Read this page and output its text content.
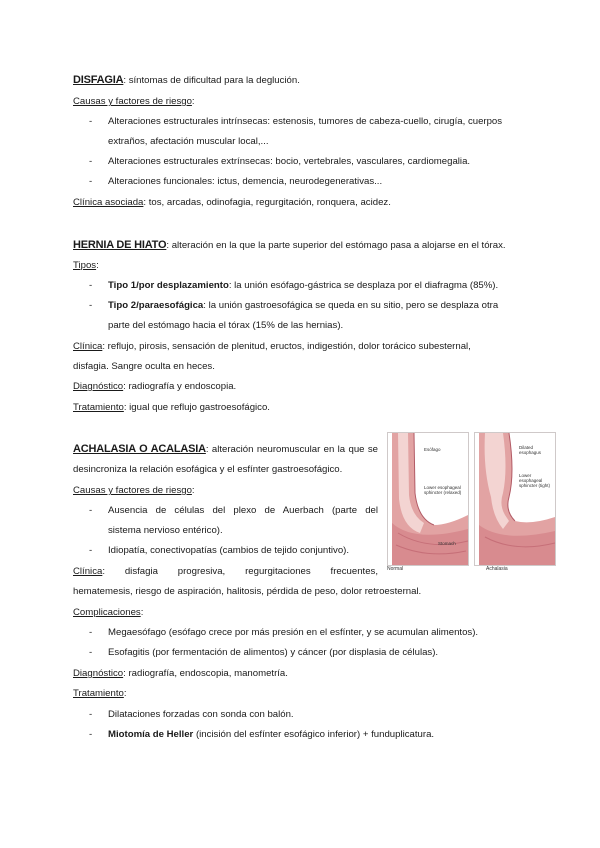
DISFAGIA: síntomas de dificultad para la deglución.
Causas y factores de riesgo:
-	Alteraciones estructurales intrínsecas: estenosis, tumores de cabeza-cuello, cirugía, cuerpos
extraños, afectación muscular local,...
-	Alteraciones estructurales extrínsecas: bocio, vertebrales, vasculares, cardiomegalia.
-	Alteraciones funcionales: ictus, demencia, neurodegenerativas...
Clínica asociada: tos, arcadas, odinofagia, regurgitación, ronquera, acidez.
HERNIA DE HIATO: alteración en la que la parte superior del estómago pasa a alojarse en el tórax.
Tipos:
-	Tipo 1/por desplazamiento: la unión esófago-gástrica se desplaza por el diafragma (85%).
-	Tipo 2/paraesofágica: la unión gastroesofágica se queda en su sitio, pero se desplaza otra
parte del estómago hacia el tórax (15% de las hernias).
Clínica: reflujo, pirosis, sensación de plenitud, eructos, indigestión, dolor torácico subesternal,
disfagia. Sangre oculta en heces.
Diagnóstico: radiografía y endoscopia.
Tratamiento: igual que reflujo gastroesofágico.
ACHALASIA O ACALASIA: alteración neuromuscular en la que se
desincroniza la relación esofágica y el esfínter gastroesofágico.
Causas y factores de riesgo:
-	Ausencia de células del plexo de Auerbach (parte del
sistema nervioso entérico).
-	Idiopatía, conectivopatías (cambios de tejido conjuntivo).
Clínica: disfagia progresiva, regurgitaciones frecuentes,
hematemesis, riesgo de aspiración, halitosis, pérdida de peso, dolor retroesternal.
Complicaciones:
-	Megaesófago (esófago crece por más presión en el esfínter, y se acumulan alimentos).
-	Esofagitis (por fermentación de alimentos) y cáncer (por displasia de células).
Diagnóstico: radiografía, endoscopia, manometría.
Tratamiento:
-	Dilataciones forzadas con sonda con balón.
-	Miotomía de Heller (incisión del esfínter esofágico inferior) + funduplicatura.
Esófago
Lower esophageal sphincter (relaxed)
Stomach
Dilated esophagus
Lower esophageal sphincter (tight)
Normal	Achalasia
